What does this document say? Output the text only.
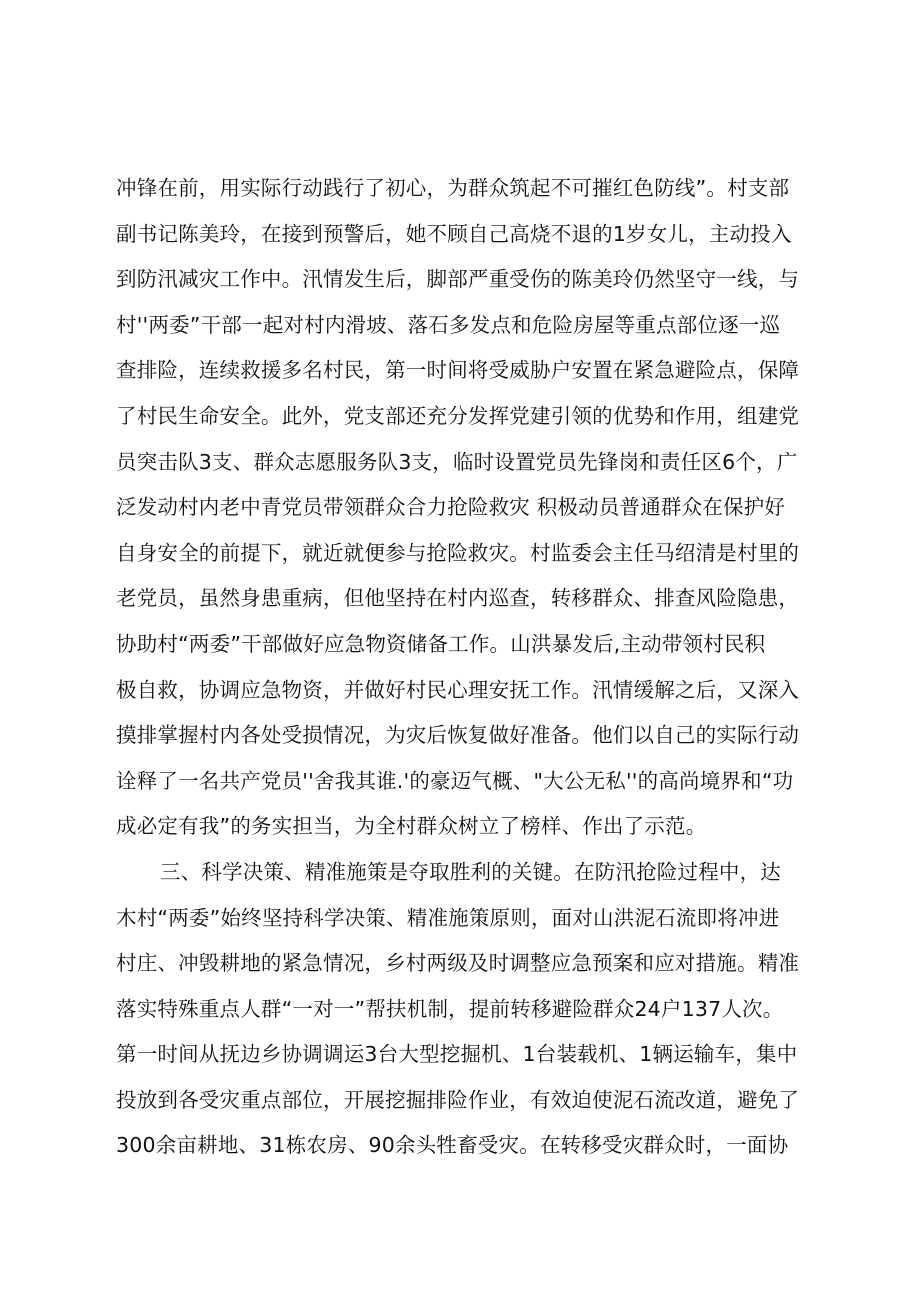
冲锋在前，用实际行动践行了初心，为群众筑起不可摧红色防线”。村支部
副书记陈美玲，在接到预警后，她不顾自己高烧不退的1岁女儿，主动投入
到防汛减灾工作中。汛情发生后，脚部严重受伤的陈美玲仍然坚守一线，与
村''两委”干部一起对村内滑坡、落石多发点和危险房屋等重点部位逐一巡
查排险，连续救援多名村民，第一时间将受威胁户安置在紧急避险点，保障
了村民生命安全。此外，党支部还充分发挥党建引领的优势和作用，组建党
员突击队3支、群众志愿服务队3支，临时设置党员先锋岗和责任区6个，广
泛发动村内老中青党员带领群众合力抢险救灾 积极动员普通群众在保护好
自身安全的前提下，就近就便参与抢险救灾。村监委会主任马绍清是村里的
老党员，虽然身患重病，但他坚持在村内巡查，转移群众、排查风险隐患，
协助村“两委”干部做好应急物资储备工作。山洪暴发后,主动带领村民积
极自救，协调应急物资，并做好村民心理安抚工作。汛情缓解之后，又深入
摸排掌握村内各处受损情况，为灾后恢复做好准备。他们以自己的实际行动
诠释了一名共产党员''舍我其谁.'的豪迈气概、"大公无私''的高尚境界和“功
成必定有我”的务实担当，为全村群众树立了榜样、作出了示范。
三、科学决策、精准施策是夺取胜利的关键。在防汛抢险过程中，达
木村“两委”始终坚持科学决策、精准施策原则，面对山洪泥石流即将冲进
村庄、冲毁耕地的紧急情况，乡村两级及时调整应急预案和应对措施。精准
落实特殊重点人群“一对一”帮扶机制，提前转移避险群众24户137人次。
第一时间从抚边乡协调调运3台大型挖掘机、1台装载机、1辆运输车，集中
投放到各受灾重点部位，开展挖掘排险作业，有效迫使泥石流改道，避免了
300余亩耕地、31栋农房、90余头牲畜受灾。在转移受灾群众时，一面协
